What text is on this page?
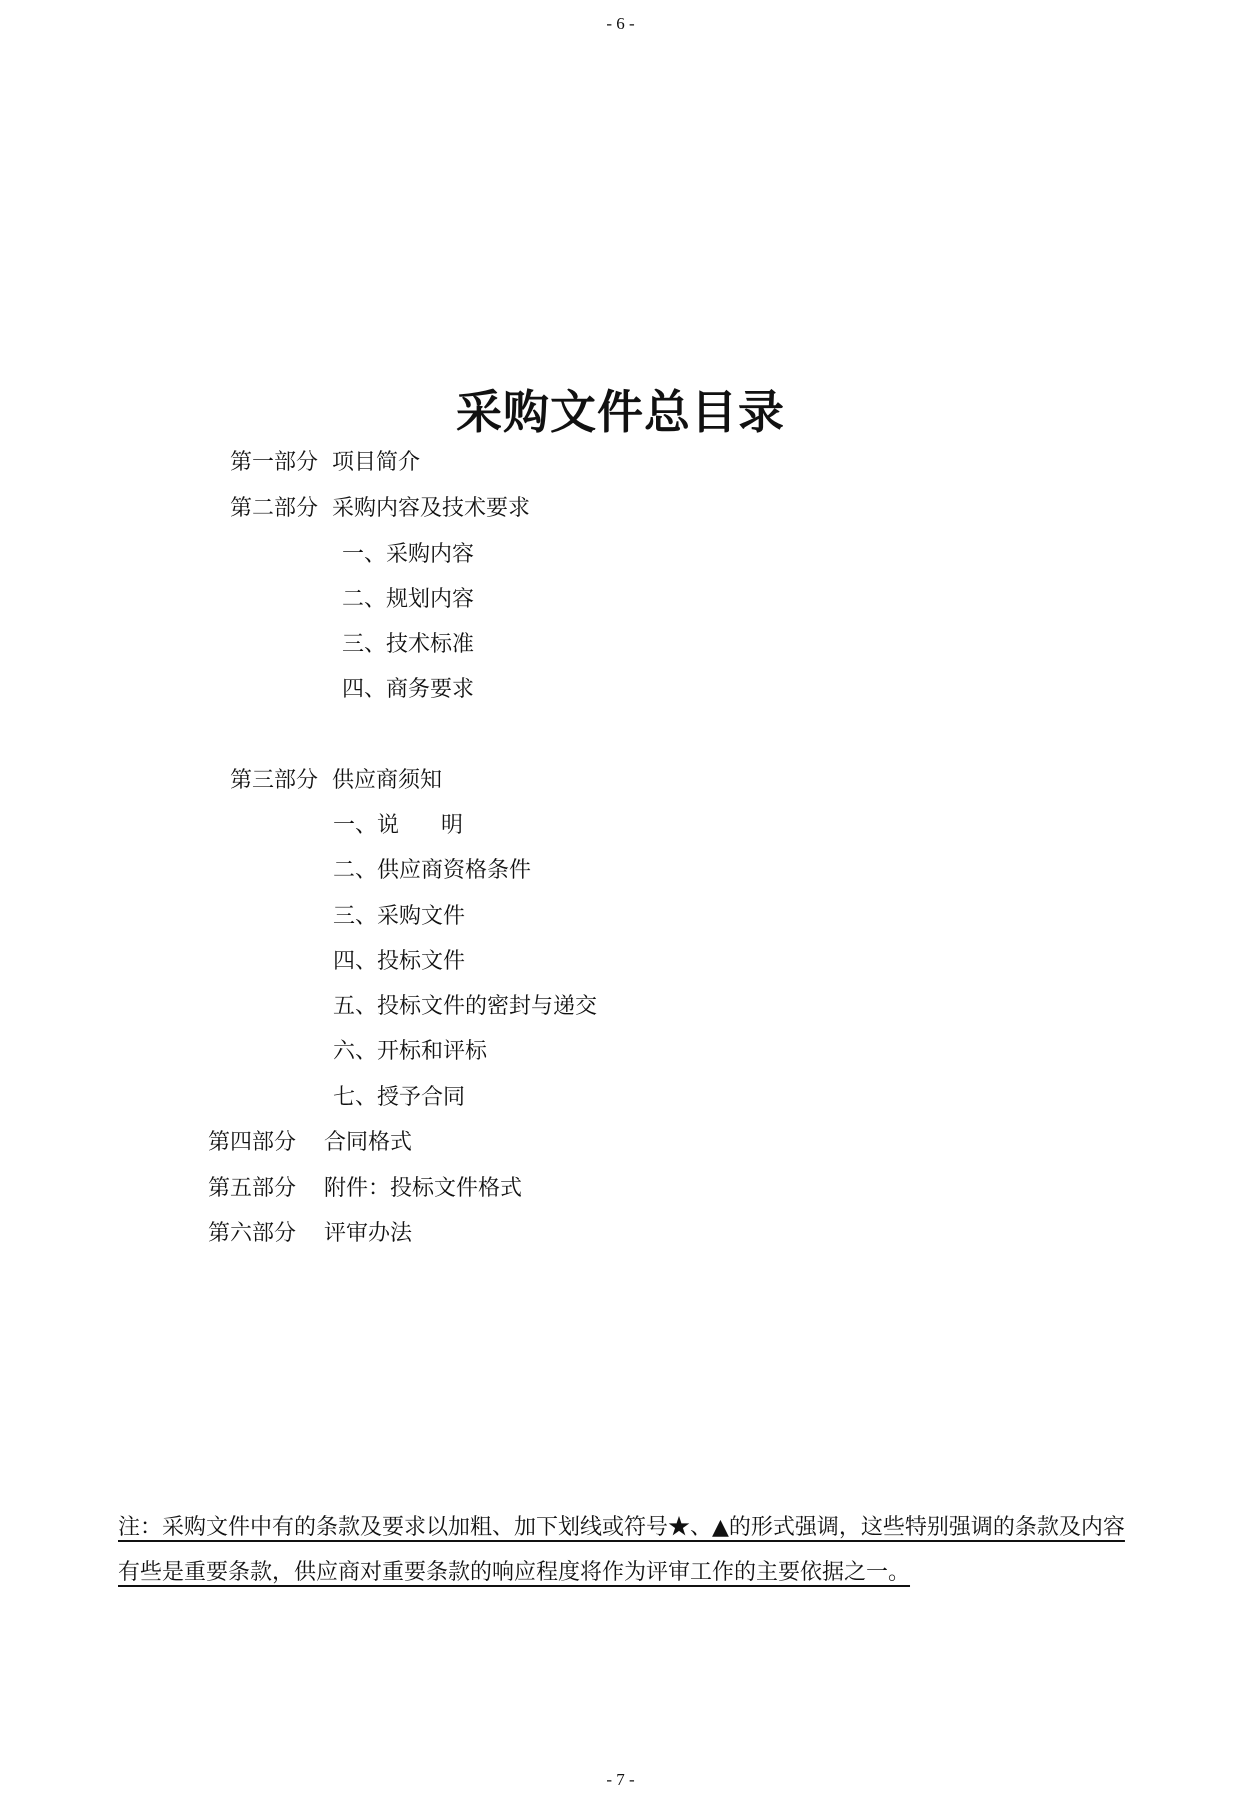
- 6 -
采购文件总目录
第一部分  项目简介
第二部分  采购内容及技术要求
一、采购内容
二、规划内容
三、技术标准
四、商务要求
第三部分  供应商须知
一、说      明
二、供应商资格条件
三、采购文件
四、投标文件
五、投标文件的密封与递交
六、开标和评标
七、授予合同
第四部分    合同格式
第五部分    附件：投标文件格式
第六部分    评审办法
注：采购文件中有的条款及要求以加粗、加下划线或符号★、▲的形式强调，这些特别强调的条款及内容有些是重要条款，供应商对重要条款的响应程度将作为评审工作的主要依据之一。
- 7 -
